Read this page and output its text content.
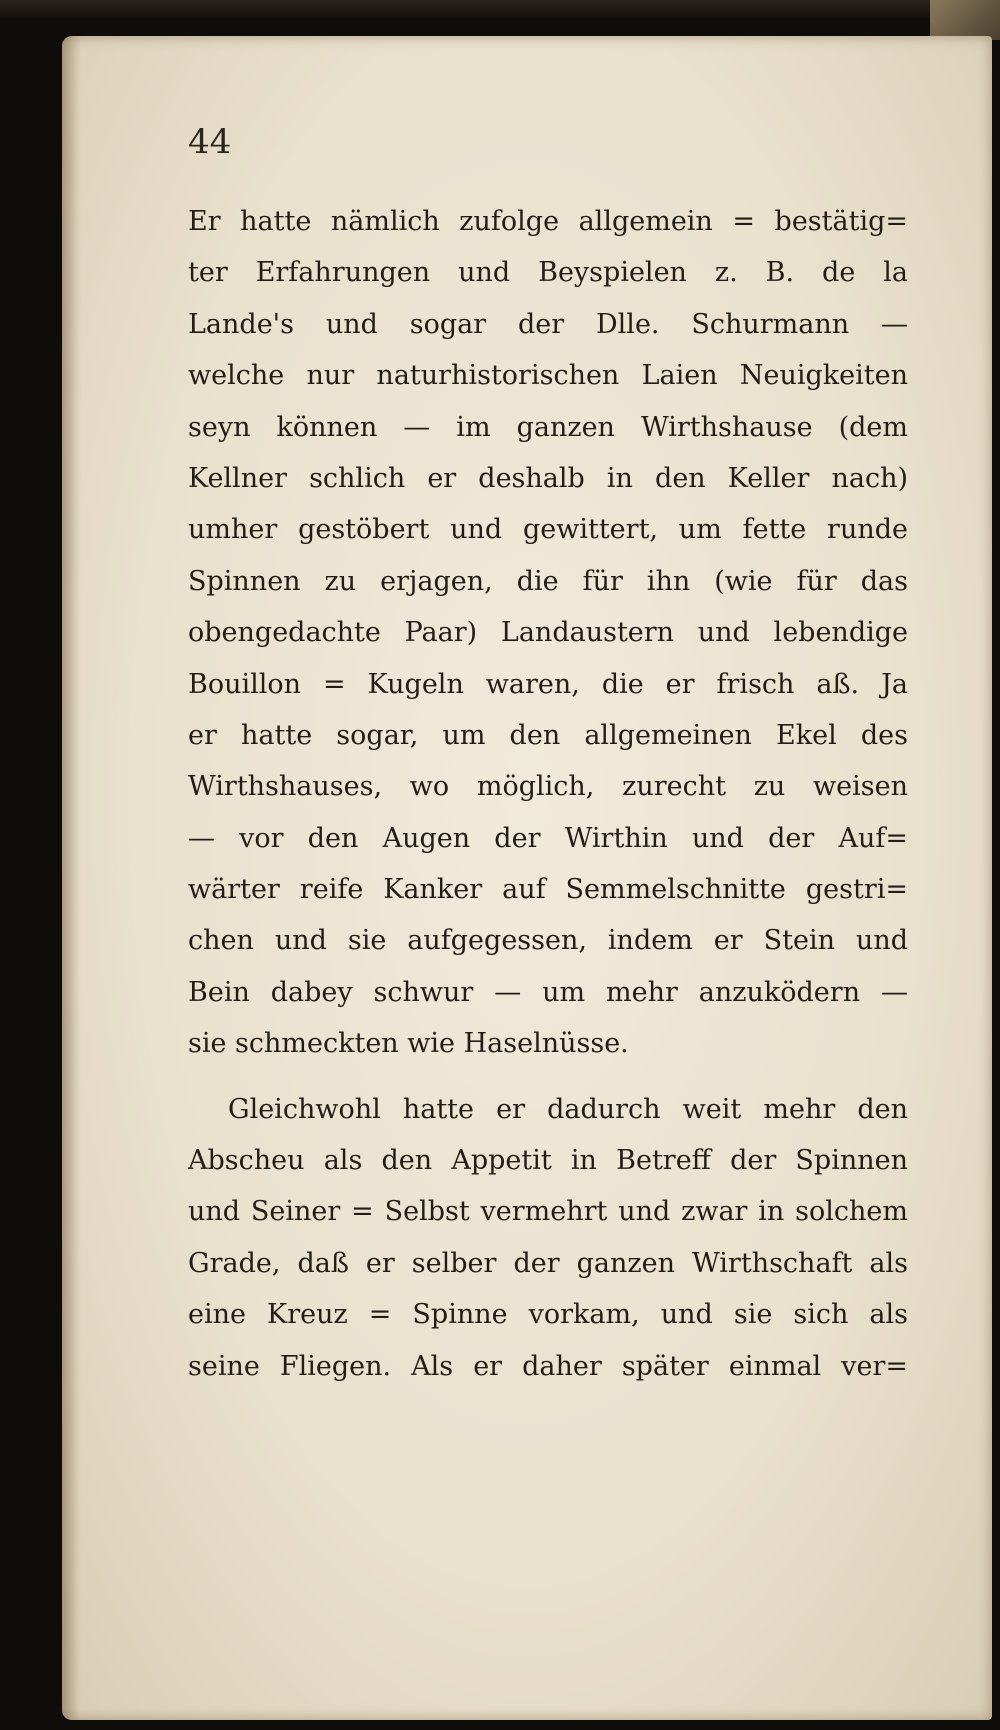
44
Er hatte nämlich zufolge allgemein = bestätig=
ter Erfahrungen und Beyspielen z. B. de la
Lande's und sogar der Dlle. Schurmann —
welche nur naturhistorischen Laien Neuigkeiten
seyn können — im ganzen Wirthshause (dem
Kellner schlich er deshalb in den Keller nach)
umher gestöbert und gewittert, um fette runde
Spinnen zu erjagen, die für ihn (wie für das
obengedachte Paar) Landaustern und lebendige
Bouillon = Kugeln waren, die er frisch aß. Ja
er hatte sogar, um den allgemeinen Ekel des
Wirthshauses, wo möglich, zurecht zu weisen
— vor den Augen der Wirthin und der Auf=
wärter reife Kanker auf Semmelschnitte gestri=
chen und sie aufgegessen, indem er Stein und
Bein dabey schwur — um mehr anzuködern —
sie schmeckten wie Haselnüsse.
Gleichwohl hatte er dadurch weit mehr den
Abscheu als den Appetit in Betreff der Spinnen
und Seiner = Selbst vermehrt und zwar in solchem
Grade, daß er selber der ganzen Wirthschaft als
eine Kreuz = Spinne vorkam, und sie sich als
seine Fliegen. Als er daher später einmal ver=
